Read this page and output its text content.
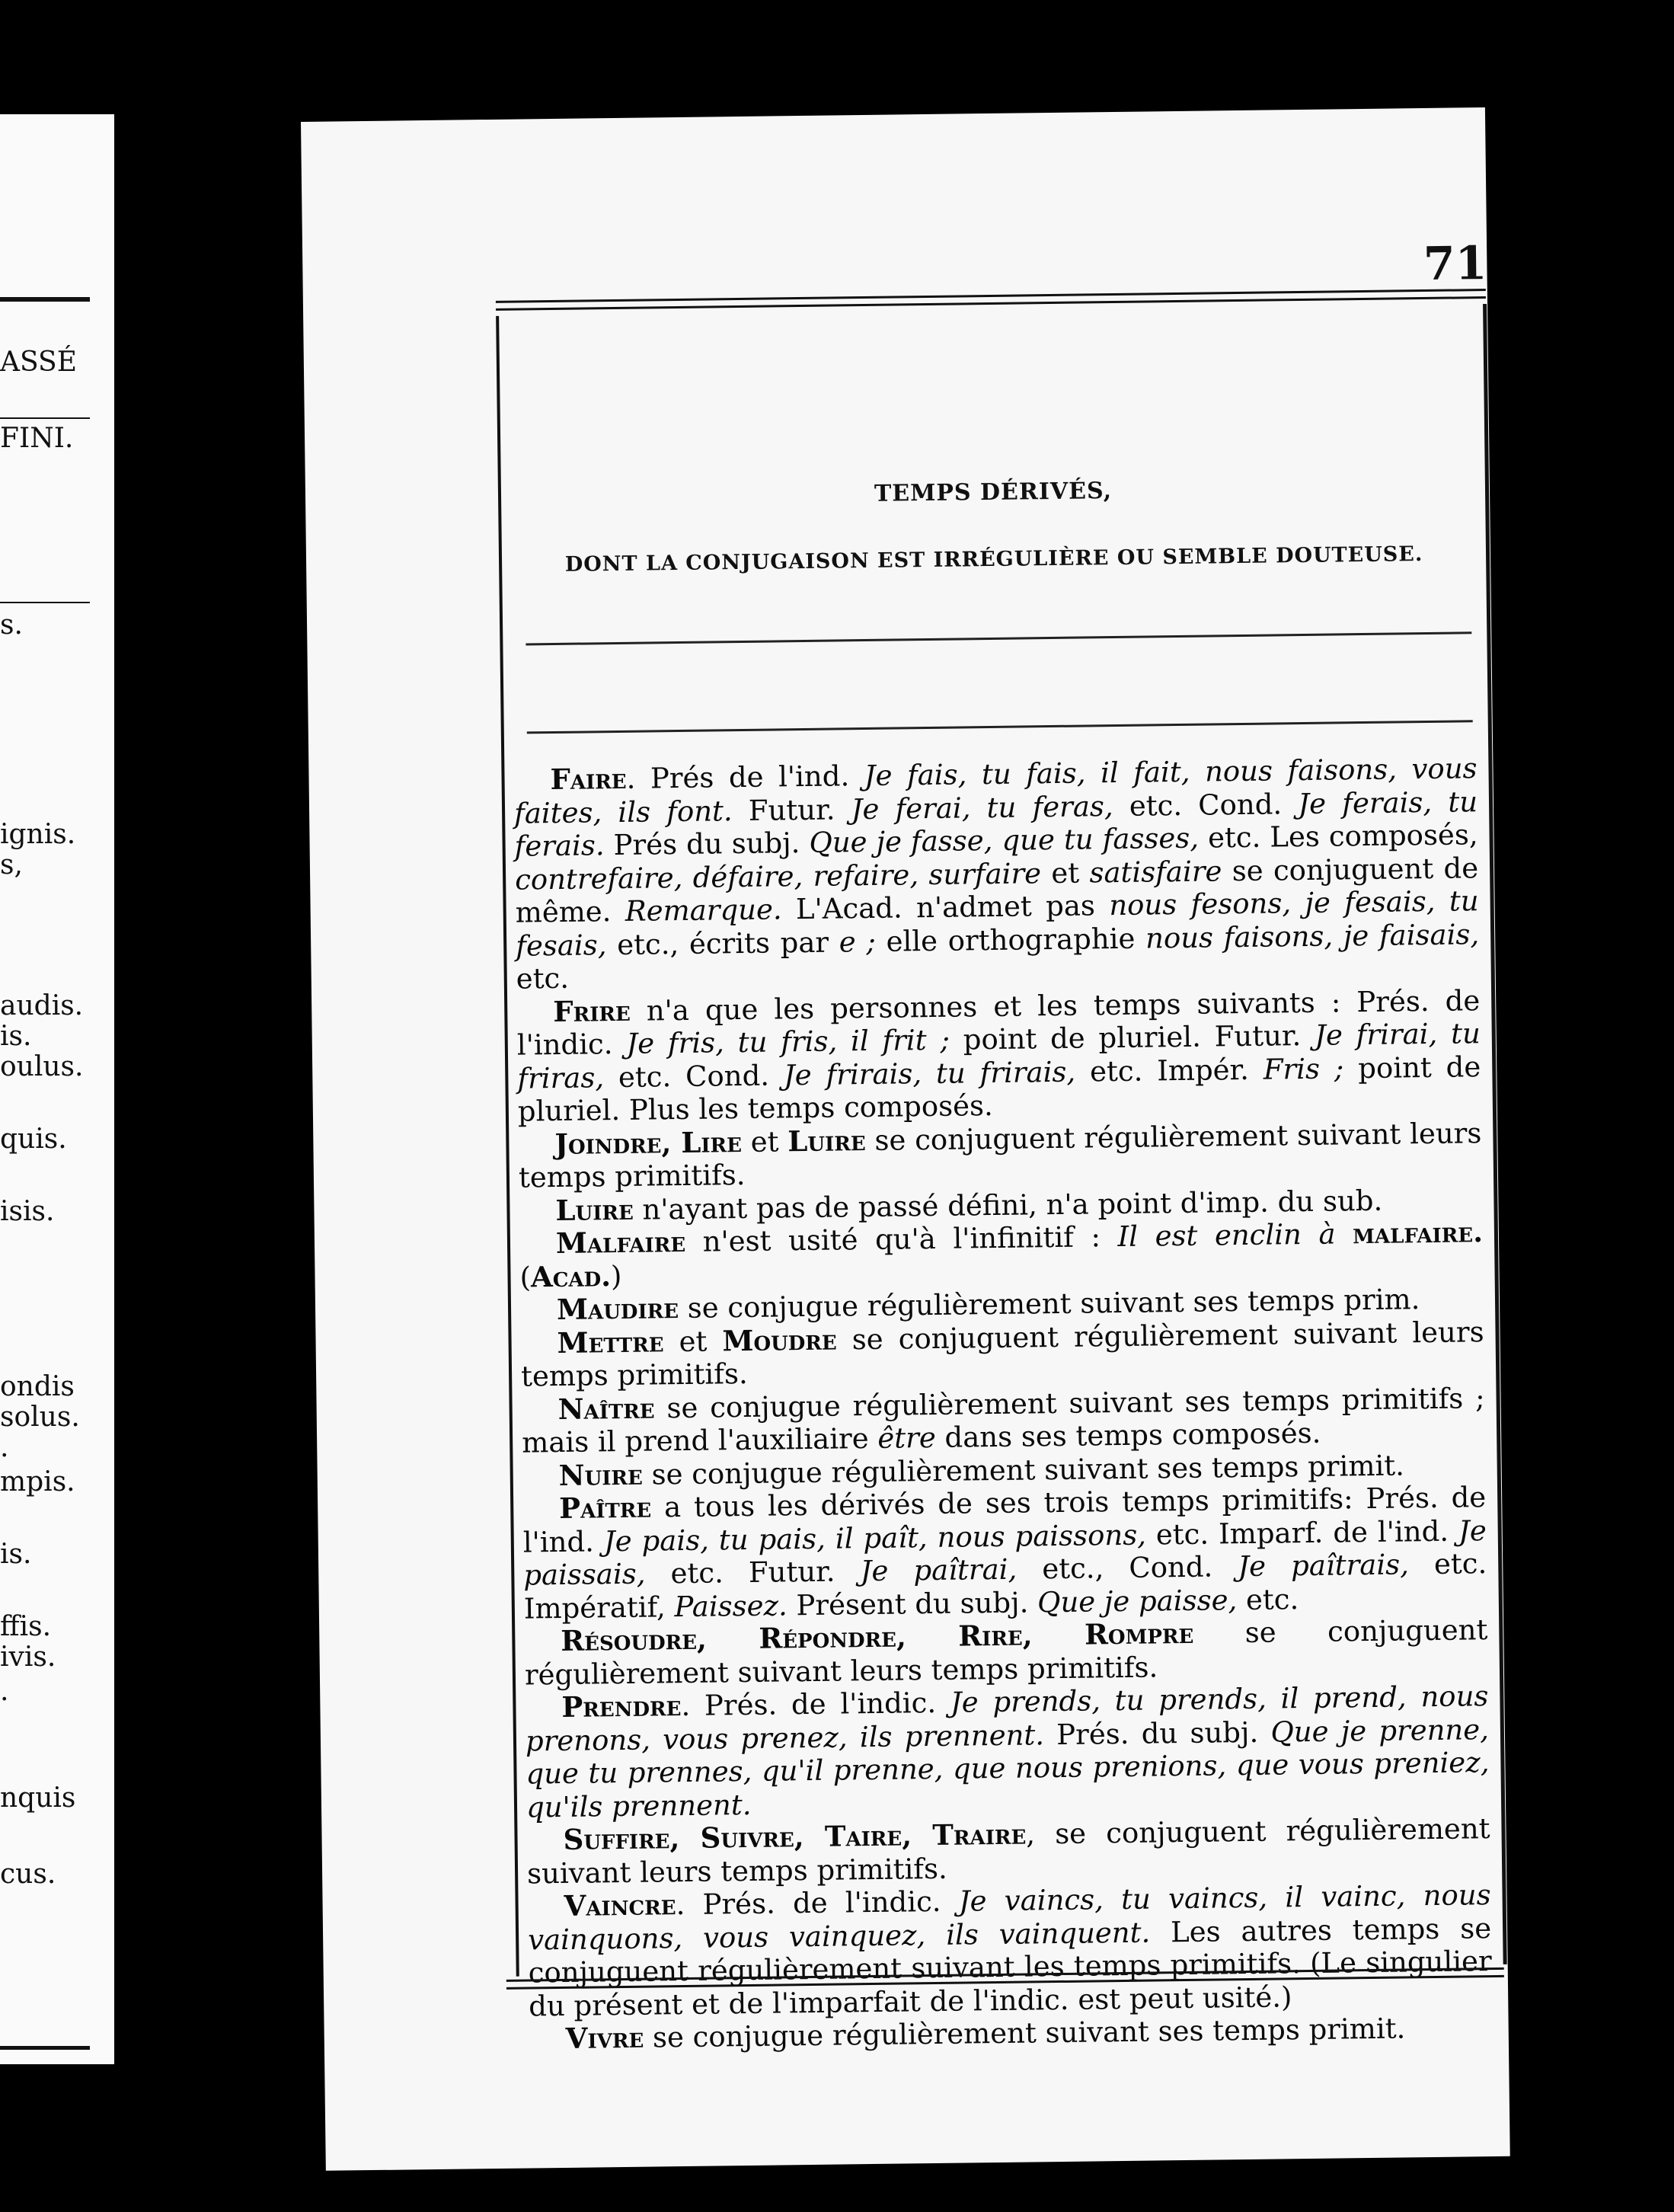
ASSÉ
FINI.
s.
ignis.
s,
audis.
is.
oulus.
quis.
isis.
ondis
solus.
.
mpis.
is.
ffis.
ivis.
.
nquis
cus.
71
TEMPS DÉRIVÉS,
DONT LA CONJUGAISON EST IRRÉGULIÈRE OU SEMBLE DOUTEUSE.

Faire. Prés de l'ind. Je fais, tu fais, il fait, nous faisons, vous faites, ils font. Futur. Je ferai, tu feras, etc. Cond. Je ferais, tu ferais. Prés du subj. Que je fasse, que tu fasses, etc. Les composés, contrefaire, défaire, refaire, surfaire et satisfaire se conjuguent de même. Remarque. L'Acad. n'admet pas nous fesons, je fesais, tu fesais, etc., écrits par e ; elle orthographie nous faisons, je faisais, etc.

Frire n'a que les personnes et les temps suivants : Prés. de l'indic. Je fris, tu fris, il frit ; point de pluriel. Futur. Je frirai, tu friras, etc. Cond. Je frirais, tu frirais, etc. Impér. Fris ; point de pluriel. Plus les temps composés.

Joindre, Lire et Luire se conjuguent régulièrement suivant leurs temps primitifs.

Luire n'ayant pas de passé défini, n'a point d'imp. du sub.

Malfaire n'est usité qu'à l'infinitif : Il est enclin à malfaire. (Acad.)

Maudire se conjugue régulièrement suivant ses temps prim.

Mettre et Moudre se conjuguent régulièrement suivant leurs temps primitifs.

Naître se conjugue régulièrement suivant ses temps primitifs ; mais il prend l'auxiliaire être dans ses temps composés.

Nuire se conjugue régulièrement suivant ses temps primit.

Paître a tous les dérivés de ses trois temps primitifs: Prés. de l'ind. Je pais, tu pais, il paît, nous paissons, etc. Imparf. de l'ind. Je paissais, etc. Futur. Je paîtrai, etc., Cond. Je paîtrais, etc. Impératif, Paissez. Présent du subj. Que je paisse, etc.

Résoudre, Répondre, Rire, Rompre se conjuguent régulièrement suivant leurs temps primitifs.

Prendre. Prés. de l'indic. Je prends, tu prends, il prend, nous prenons, vous prenez, ils prennent. Prés. du subj. Que je prenne, que tu prennes, qu'il prenne, que nous prenions, que vous preniez, qu'ils prennent.

Suffire, Suivre, Taire, Traire, se conjuguent régulièrement suivant leurs temps primitifs.

Vaincre. Prés. de l'indic. Je vaincs, tu vaincs, il vainc, nous vainquons, vous vainquez, ils vainquent. Les autres temps se conjuguent régulièrement suivant les temps primitifs. (Le singulier du présent et de l'imparfait de l'indic. est peut usité.)

Vivre se conjugue régulièrement suivant ses temps primit.
